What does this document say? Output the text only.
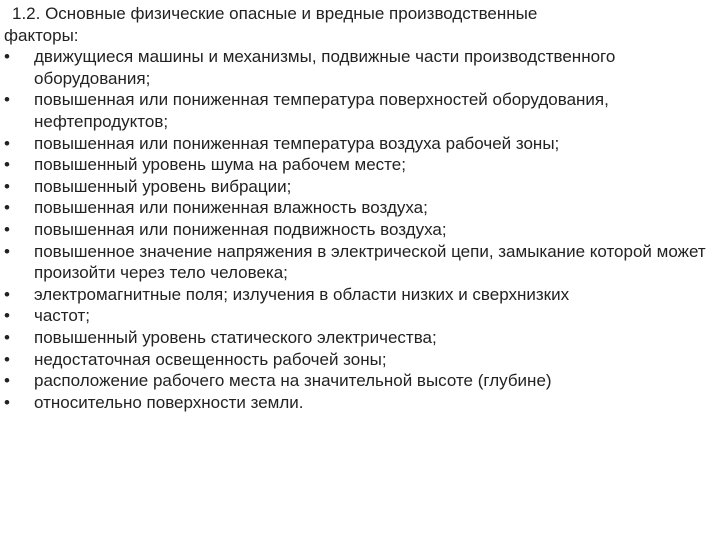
1.2. Основные физические опасные и вредные производственные
факторы:
•	движущиеся машины и механизмы, подвижные части производственного оборудования;
•	повышенная или пониженная температура поверхностей оборудования, нефтепродуктов;
•	повышенная или пониженная температура воздуха рабочей зоны;
•	повышенный уровень шума на рабочем месте;
•	повышенный уровень вибрации;
•	повышенная или пониженная влажность воздуха;
•	повышенная или пониженная подвижность воздуха;
•	повышенное значение напряжения в электрической цепи, замыкание которой может произойти через тело человека;
•	электромагнитные поля; излучения в области низких и сверхнизких
•	частот;
•	повышенный уровень статического электричества;
•	недостаточная освещенность рабочей зоны;
•	расположение рабочего места на значительной высоте (глубине)
•	относительно поверхности земли.
